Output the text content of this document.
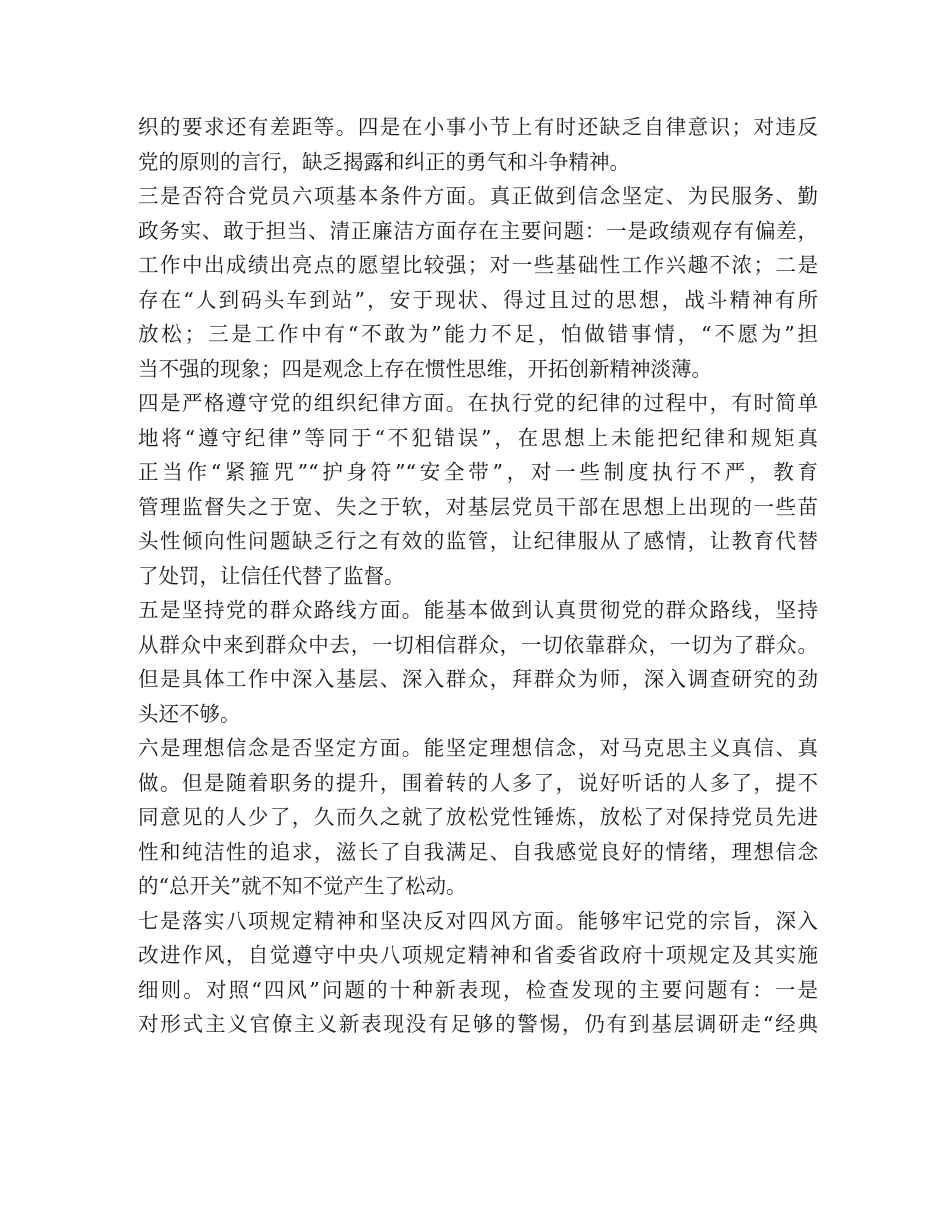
织的要求还有差距等。四是在小事小节上有时还缺乏自律意识；对违反
党的原则的言行，缺乏揭露和纠正的勇气和斗争精神。
三是否符合党员六项基本条件方面。真正做到信念坚定、为民服务、勤
政务实、敢于担当、清正廉洁方面存在主要问题：一是政绩观存有偏差，
工作中出成绩出亮点的愿望比较强；对一些基础性工作兴趣不浓；二是
存在“人到码头车到站”，安于现状、得过且过的思想，战斗精神有所
放松；三是工作中有“不敢为”能力不足，怕做错事情，“不愿为”担
当不强的现象；四是观念上存在惯性思维，开拓创新精神淡薄。
四是严格遵守党的组织纪律方面。在执行党的纪律的过程中，有时简单
地将“遵守纪律”等同于“不犯错误”，在思想上未能把纪律和规矩真
正当作“紧箍咒”“护身符”“安全带”，对一些制度执行不严，教育
管理监督失之于宽、失之于软，对基层党员干部在思想上出现的一些苗
头性倾向性问题缺乏行之有效的监管，让纪律服从了感情，让教育代替
了处罚，让信任代替了监督。
五是坚持党的群众路线方面。能基本做到认真贯彻党的群众路线，坚持
从群众中来到群众中去，一切相信群众，一切依靠群众，一切为了群众。
但是具体工作中深入基层、深入群众，拜群众为师，深入调查研究的劲
头还不够。
六是理想信念是否坚定方面。能坚定理想信念，对马克思主义真信、真
做。但是随着职务的提升，围着转的人多了，说好听话的人多了，提不
同意见的人少了，久而久之就了放松党性锤炼，放松了对保持党员先进
性和纯洁性的追求，滋长了自我满足、自我感觉良好的情绪，理想信念
的“总开关”就不知不觉产生了松动。
七是落实八项规定精神和坚决反对四风方面。能够牢记党的宗旨，深入
改进作风，自觉遵守中央八项规定精神和省委省政府十项规定及其实施
细则。对照“四风”问题的十种新表现，检查发现的主要问题有：一是
对形式主义官僚主义新表现没有足够的警惕，仍有到基层调研走“经典
